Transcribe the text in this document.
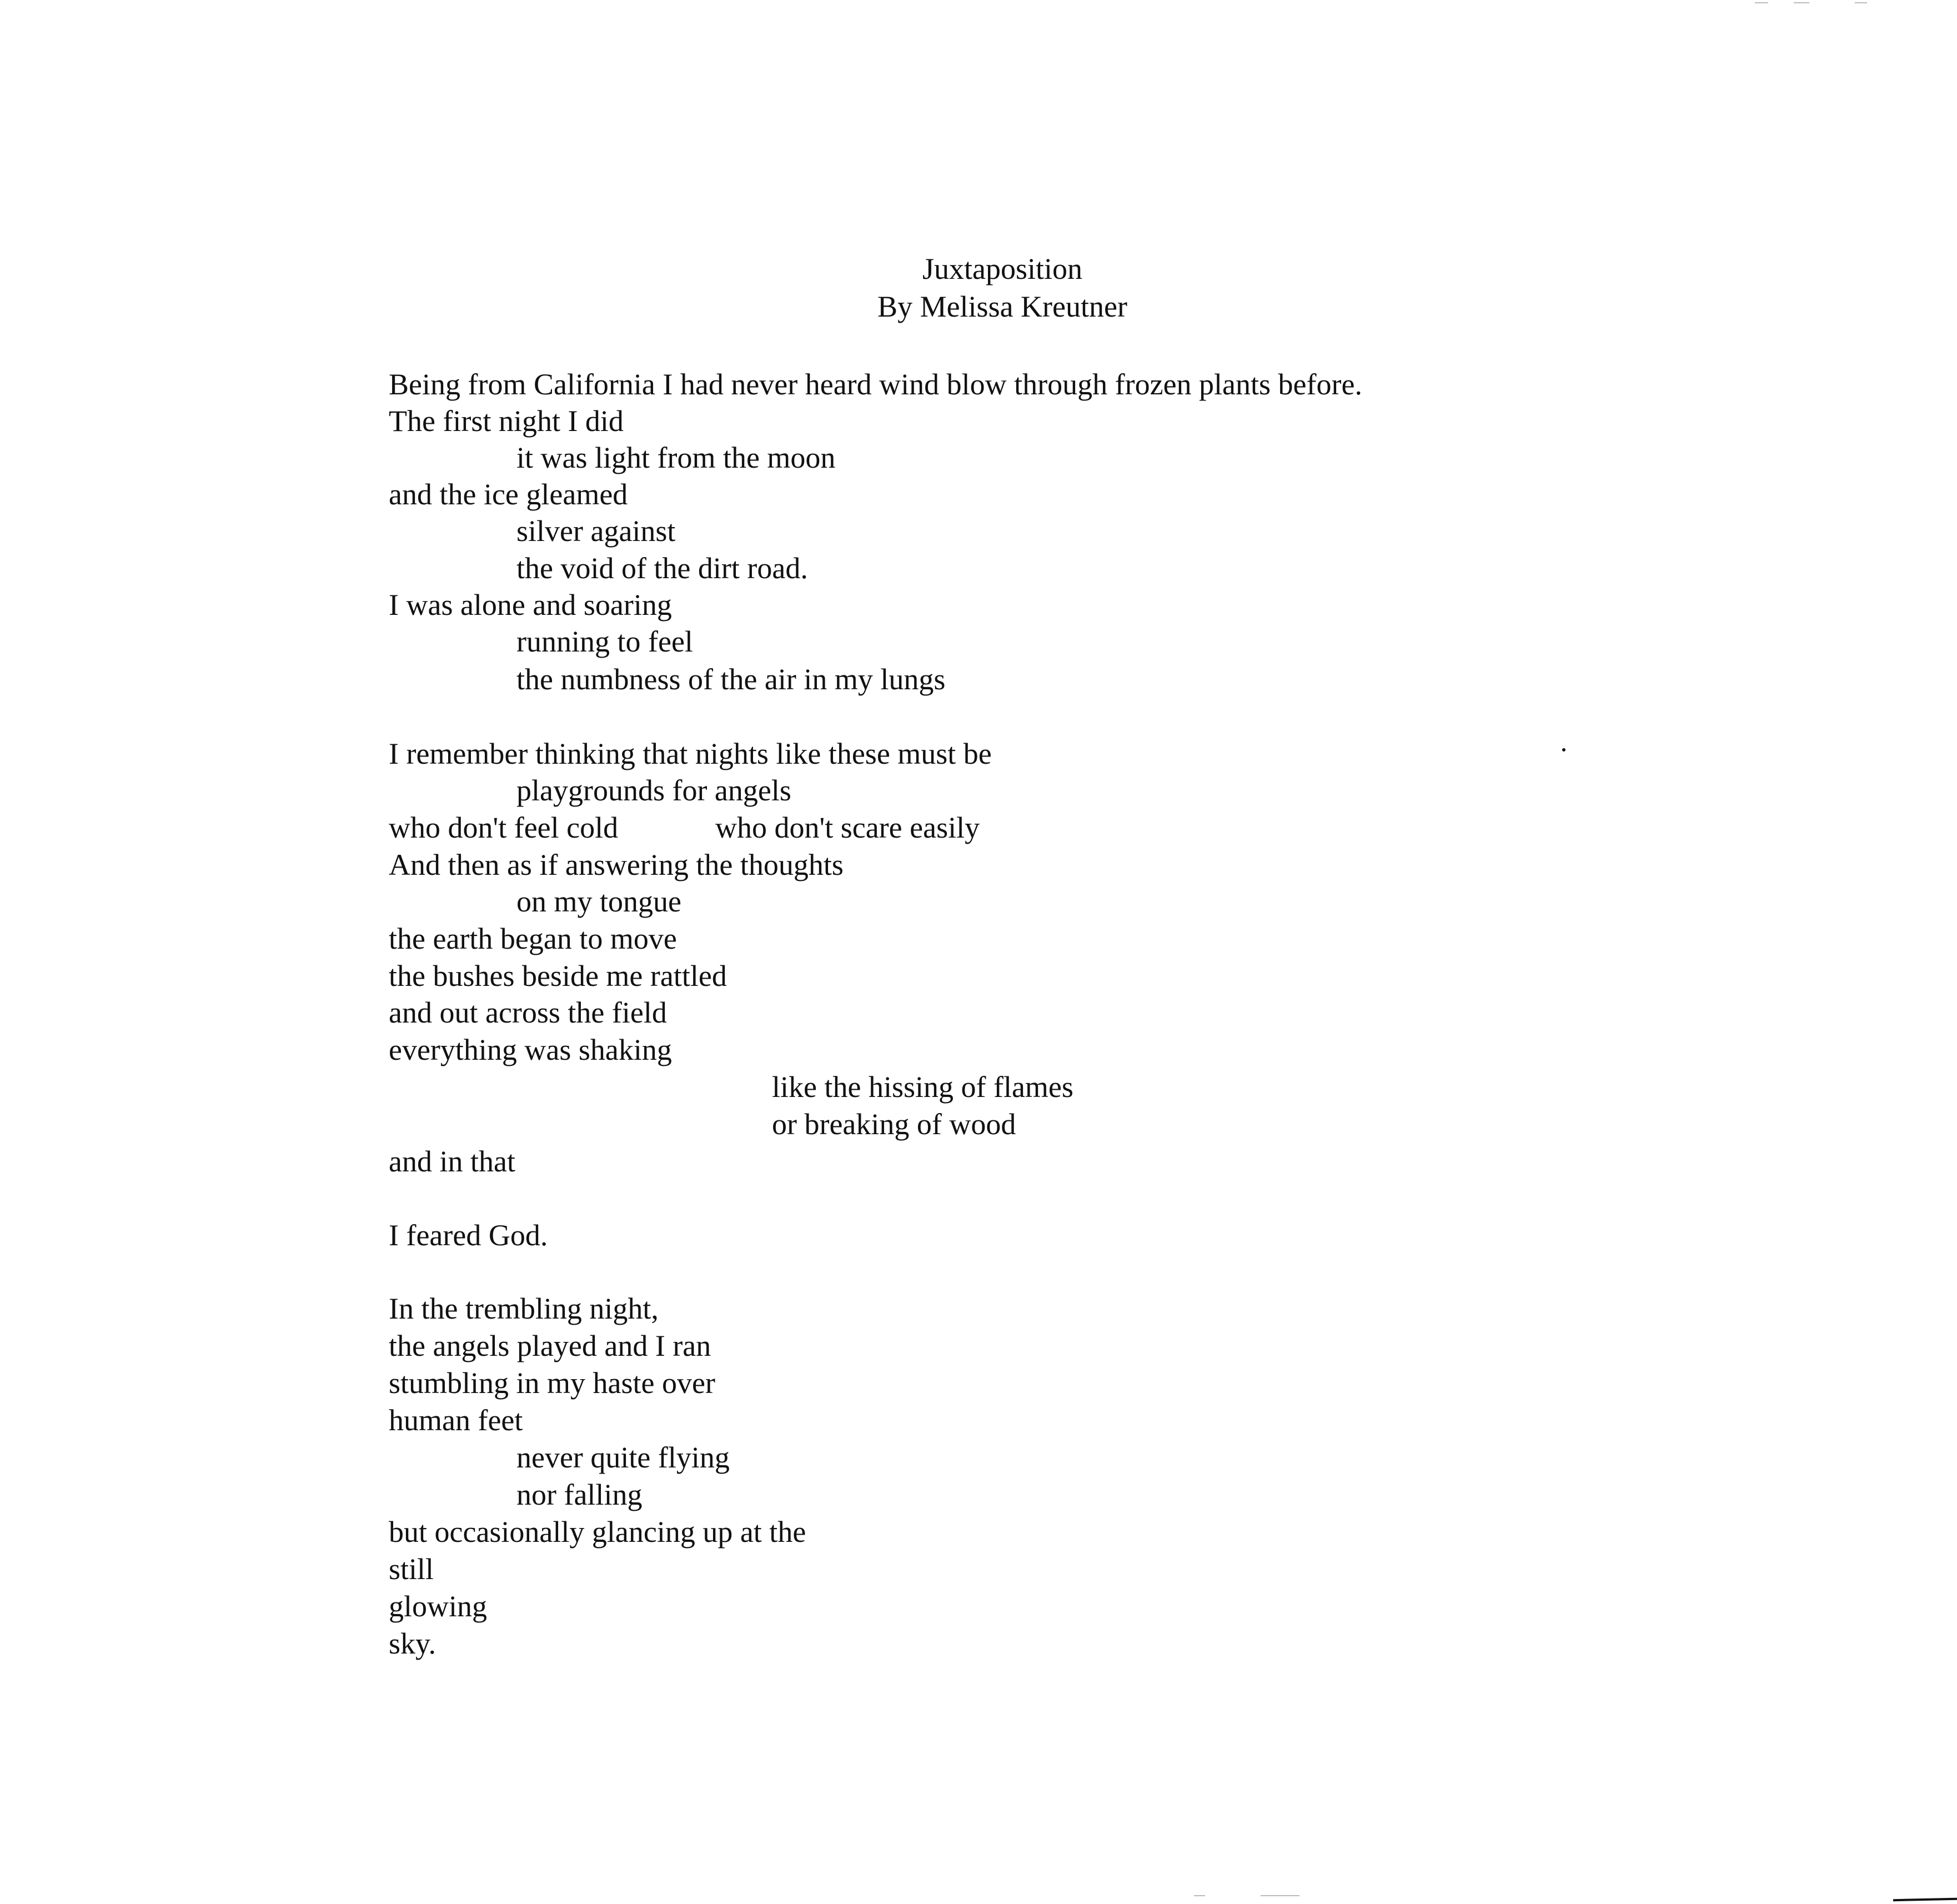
Juxtaposition
By Melissa Kreutner
Being from California I had never heard wind blow through frozen plants before.
The first night I did
it was light from the moon
and the ice gleamed
silver against
the void of the dirt road.
I was alone and soaring
running to feel
the numbness of the air in my lungs
I remember thinking that nights like these must be
playgrounds for angels
who don't feel cold	who don't scare easily
And then as if answering the thoughts
on my tongue
the earth began to move
the bushes beside me rattled
and out across the field
everything was shaking
like the hissing of flames
or breaking of wood
and in that
I feared God.
In the trembling night,
the angels played and I ran
stumbling in my haste over
human feet
never quite flying
nor falling
but occasionally glancing up at the
still
glowing
sky.
